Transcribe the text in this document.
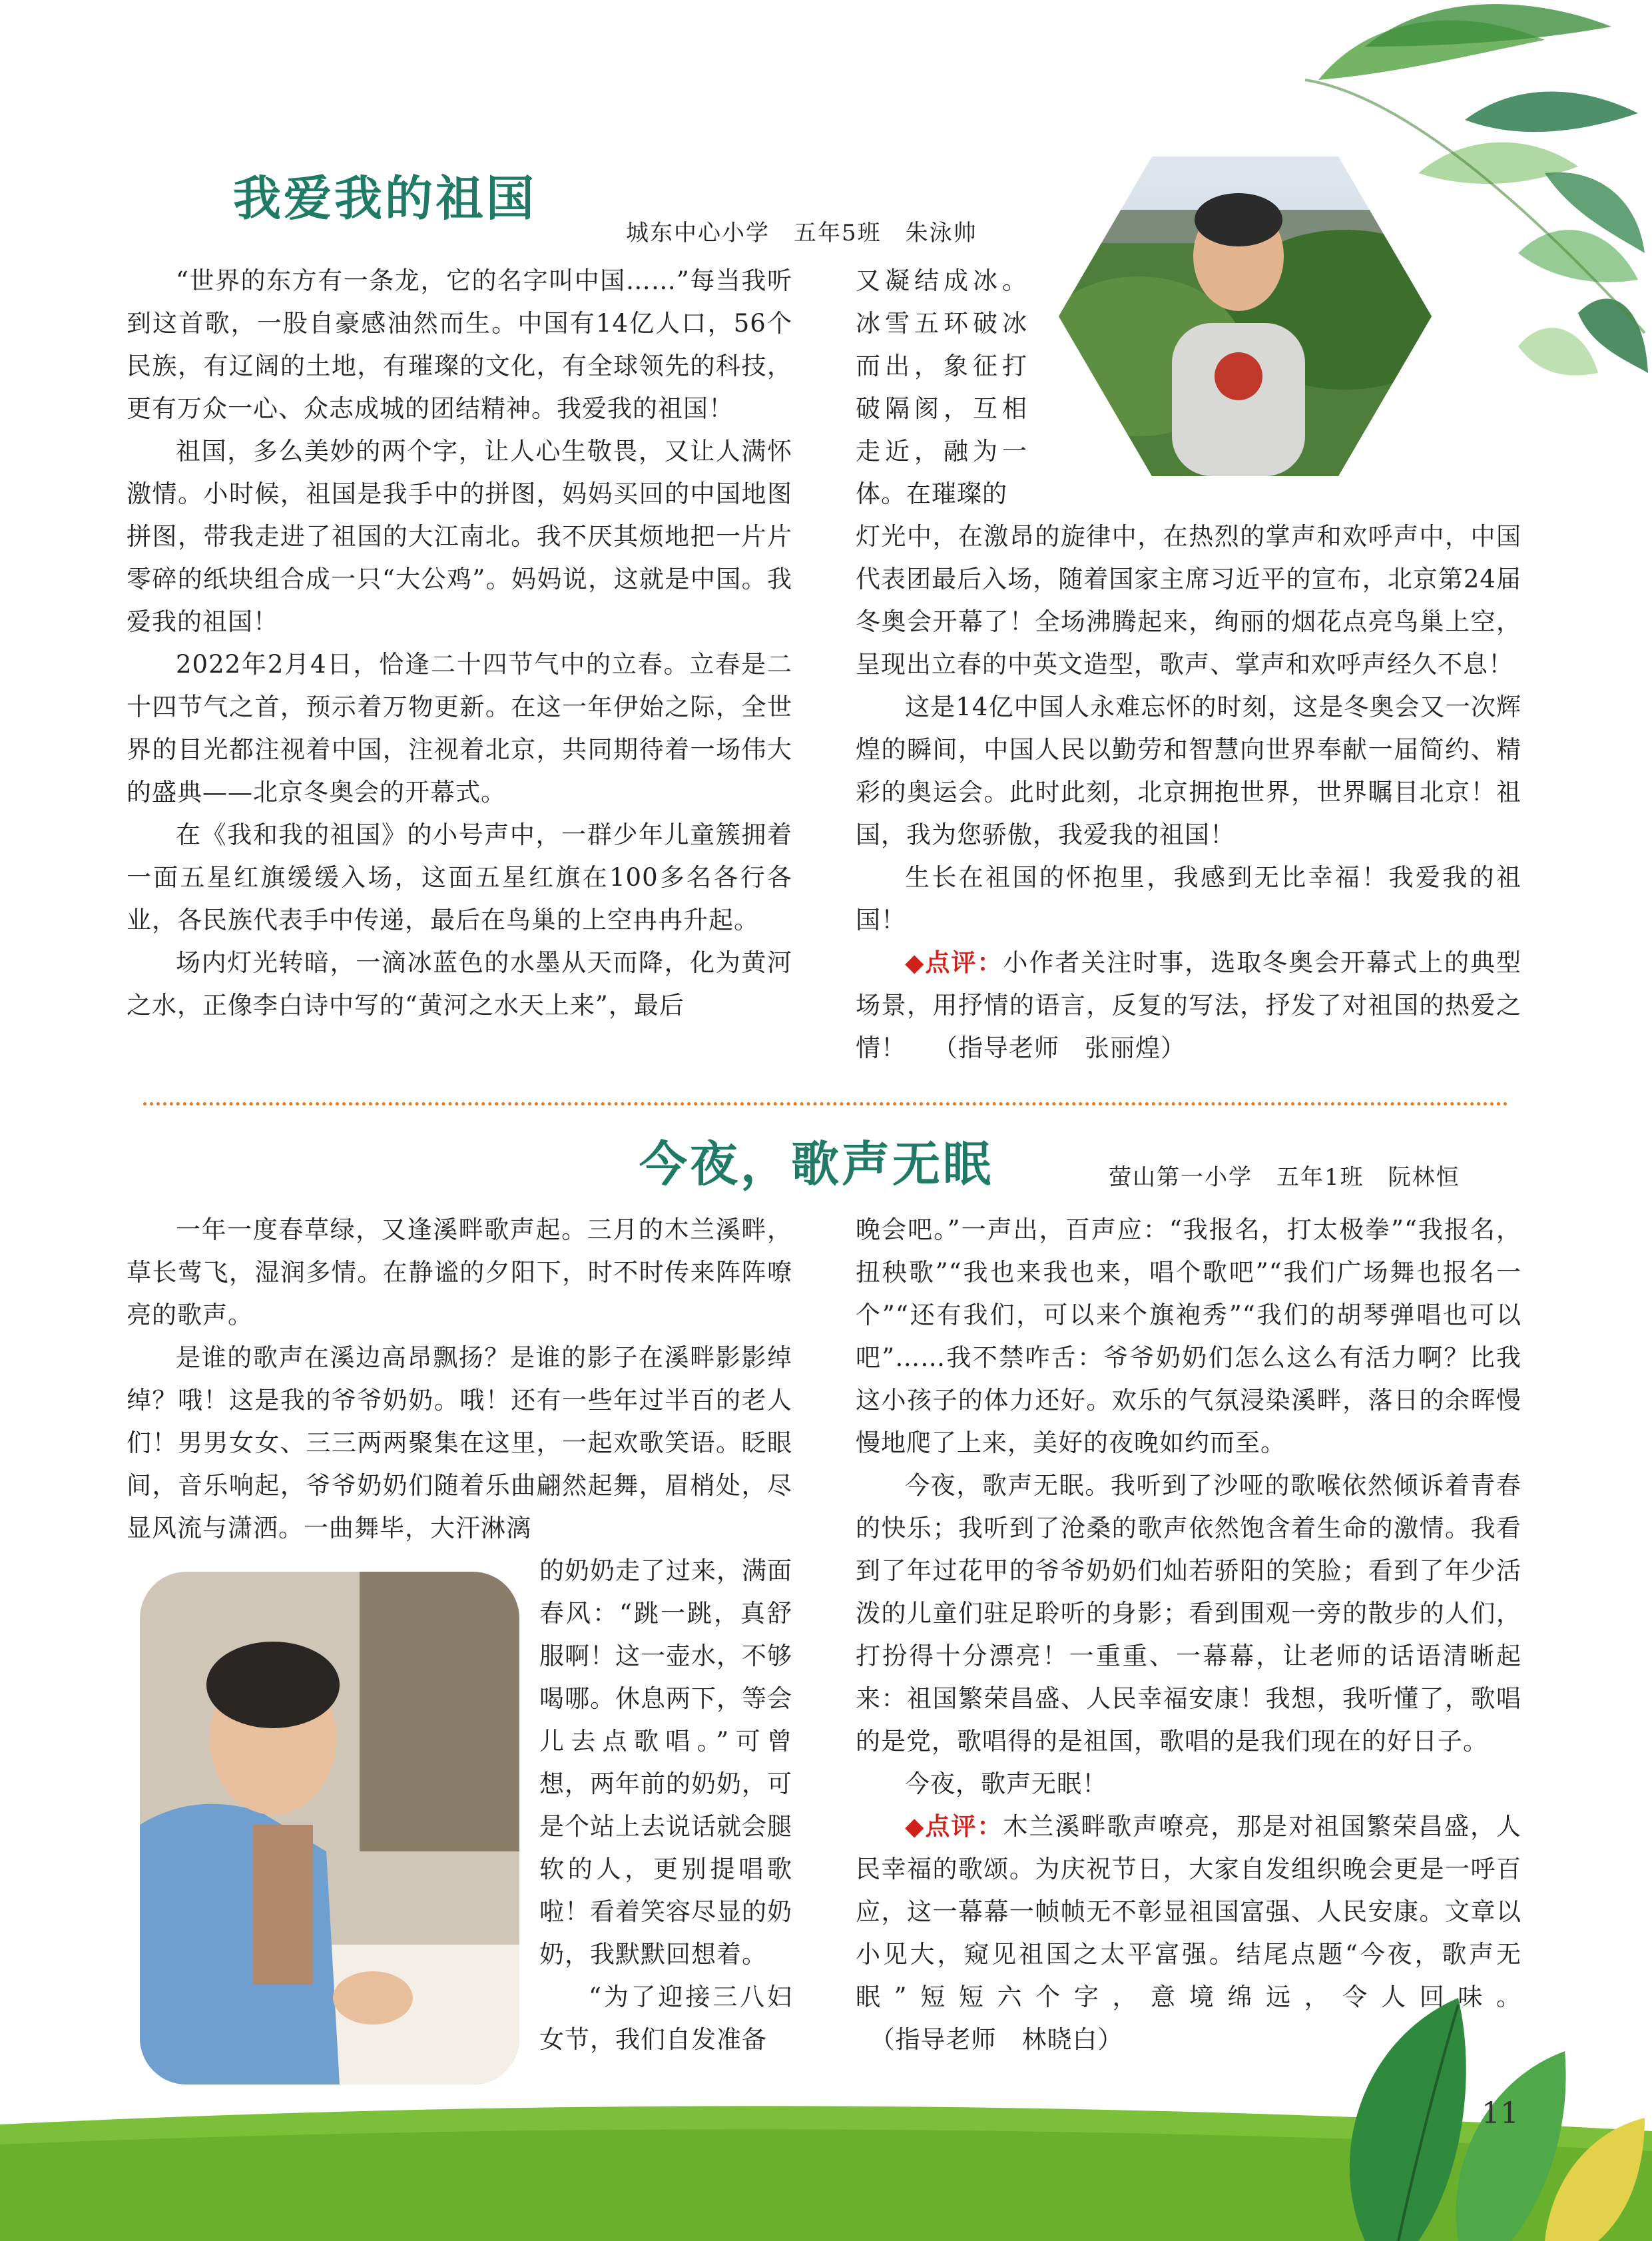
我爱我的祖国
城东中心小学　五年5班　朱泳帅

“世界的东方有一条龙，它的名字叫中国……”每当我听到这首歌，一股自豪感油然而生。中国有14亿人口，56个民族，有辽阔的土地，有璀璨的文化，有全球领先的科技，更有万众一心、众志成城的团结精神。我爱我的祖国！

祖国，多么美妙的两个字，让人心生敬畏，又让人满怀激情。小时候，祖国是我手中的拼图，妈妈买回的中国地图拼图，带我走进了祖国的大江南北。我不厌其烦地把一片片零碎的纸块组合成一只“大公鸡”。妈妈说，这就是中国。我爱我的祖国！

2022年2月4日，恰逢二十四节气中的立春。立春是二十四节气之首，预示着万物更新。在这一年伊始之际，全世界的目光都注视着中国，注视着北京，共同期待着一场伟大的盛典——北京冬奥会的开幕式。

在《我和我的祖国》的小号声中，一群少年儿童簇拥着一面五星红旗缓缓入场，这面五星红旗在100多名各行各业，各民族代表手中传递，最后在鸟巢的上空冉冉升起。

场内灯光转暗，一滴冰蓝色的水墨从天而降，化为黄河之水，正像李白诗中写的“黄河之水天上来”，最后

又凝结成冰。冰雪五环破冰而出，象征打破隔阂，互相走近，融为一体。在璀璨的

灯光中，在激昂的旋律中，在热烈的掌声和欢呼声中，中国代表团最后入场，随着国家主席习近平的宣布，北京第24届冬奥会开幕了！全场沸腾起来，绚丽的烟花点亮鸟巢上空，呈现出立春的中英文造型，歌声、掌声和欢呼声经久不息！

这是14亿中国人永难忘怀的时刻，这是冬奥会又一次辉煌的瞬间，中国人民以勤劳和智慧向世界奉献一届简约、精彩的奥运会。此时此刻，北京拥抱世界，世界瞩目北京！祖国，我为您骄傲，我爱我的祖国！

生长在祖国的怀抱里，我感到无比幸福！我爱我的祖国！

◆点评：小作者关注时事，选取冬奥会开幕式上的典型场景，用抒情的语言，反复的写法，抒发了对祖国的热爱之情！ （指导老师　张丽煌）

今夜，歌声无眠	萤山第一小学　五年1班　阮林恒

一年一度春草绿，又逢溪畔歌声起。三月的木兰溪畔，草长莺飞，湿润多情。在静谧的夕阳下，时不时传来阵阵嘹亮的歌声。

是谁的歌声在溪边高昂飘扬？是谁的影子在溪畔影影绰绰？哦！这是我的爷爷奶奶。哦！还有一些年过半百的老人们！男男女女、三三两两聚集在这里，一起欢歌笑语。眨眼间，音乐响起，爷爷奶奶们随着乐曲翩然起舞，眉梢处，尽显风流与潇洒。一曲舞毕，大汗淋漓

的奶奶走了过来，满面春风：“跳一跳，真舒服啊！这一壶水，不够喝哪。休息两下，等会儿去点歌唱。”可曾想，两年前的奶奶，可是个站上去说话就会腿软的人，更别提唱歌啦！看着笑容尽显的奶奶，我默默回想着。

“为了迎接三八妇女节，我们自发准备

晚会吧。”一声出，百声应：“我报名，打太极拳”“我报名，扭秧歌”“我也来我也来，唱个歌吧”“我们广场舞也报名一个”“还有我们，可以来个旗袍秀”“我们的胡琴弹唱也可以吧”……我不禁咋舌：爷爷奶奶们怎么这么有活力啊？比我这小孩子的体力还好。欢乐的气氛浸染溪畔，落日的余晖慢慢地爬了上来，美好的夜晚如约而至。

今夜，歌声无眠。我听到了沙哑的歌喉依然倾诉着青春的快乐；我听到了沧桑的歌声依然饱含着生命的激情。我看到了年过花甲的爷爷奶奶们灿若骄阳的笑脸；看到了年少活泼的儿童们驻足聆听的身影；看到围观一旁的散步的人们，打扮得十分漂亮！一重重、一幕幕，让老师的话语清晰起来：祖国繁荣昌盛、人民幸福安康！我想，我听懂了，歌唱的是党，歌唱得的是祖国，歌唱的是我们现在的好日子。

今夜，歌声无眠！

◆点评：木兰溪畔歌声嘹亮，那是对祖国繁荣昌盛，人民幸福的歌颂。为庆祝节日，大家自发组织晚会更是一呼百应，这一幕幕一帧帧无不彰显祖国富强、人民安康。文章以小见大，窥见祖国之太平富强。结尾点题“今夜，歌声无眠”短短六个字，意境绵远，令人回味。（指导老师　林晓白）

11
